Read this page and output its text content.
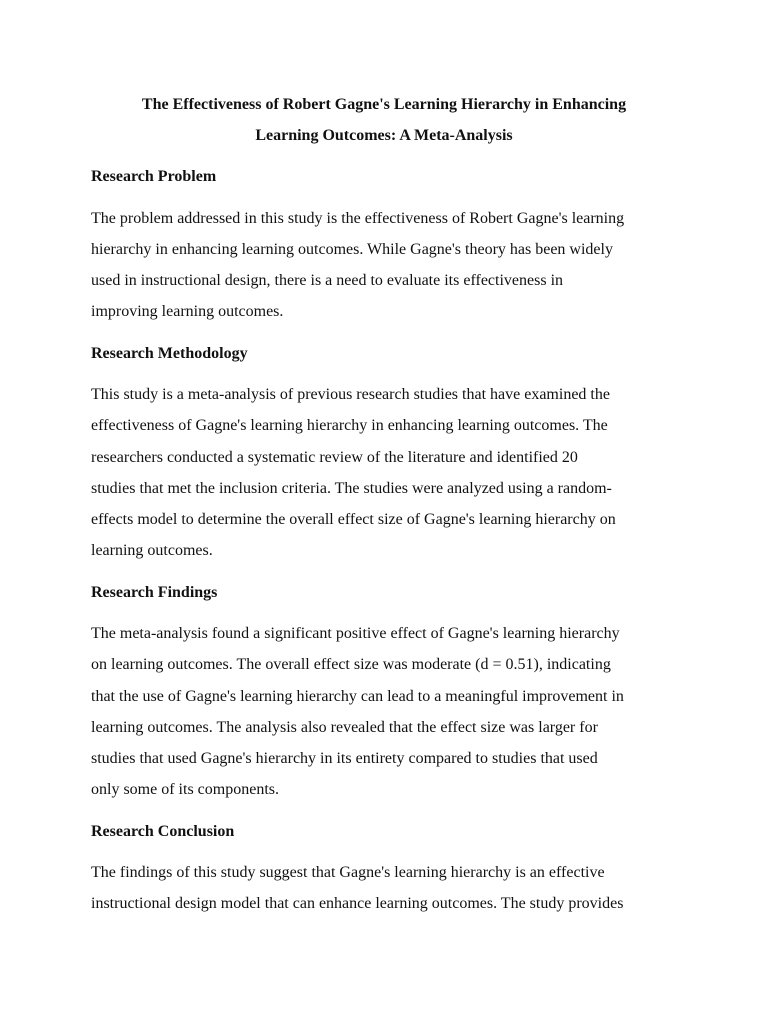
The Effectiveness of Robert Gagne's Learning Hierarchy in Enhancing
Learning Outcomes: A Meta-Analysis
Research Problem
The problem addressed in this study is the effectiveness of Robert Gagne's learning
hierarchy in enhancing learning outcomes. While Gagne's theory has been widely
used in instructional design, there is a need to evaluate its effectiveness in
improving learning outcomes.
Research Methodology
This study is a meta-analysis of previous research studies that have examined the
effectiveness of Gagne's learning hierarchy in enhancing learning outcomes. The
researchers conducted a systematic review of the literature and identified 20
studies that met the inclusion criteria. The studies were analyzed using a random-
effects model to determine the overall effect size of Gagne's learning hierarchy on
learning outcomes.
Research Findings
The meta-analysis found a significant positive effect of Gagne's learning hierarchy
on learning outcomes. The overall effect size was moderate (d = 0.51), indicating
that the use of Gagne's learning hierarchy can lead to a meaningful improvement in
learning outcomes. The analysis also revealed that the effect size was larger for
studies that used Gagne's hierarchy in its entirety compared to studies that used
only some of its components.
Research Conclusion
The findings of this study suggest that Gagne's learning hierarchy is an effective
instructional design model that can enhance learning outcomes. The study provides
